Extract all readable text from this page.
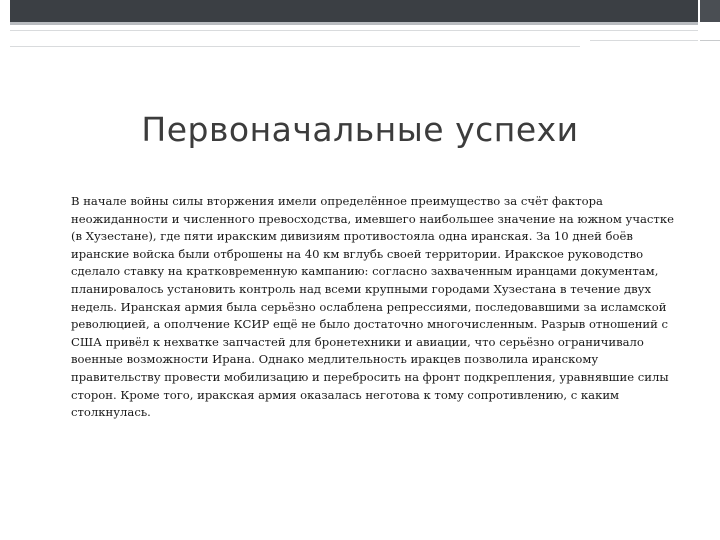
Первоначальные успехи
В начале войны силы вторжения имели определённое преимущество за счёт фактора неожиданности и численного превосходства, имевшего наибольшее значение на южном участке (в Хузестане), где пяти иракским дивизиям противостояла одна иранская. За 10 дней боёв иранские войска были отброшены на 40 км вглубь своей территории. Иракское руководство сделало ставку на кратковременную кампанию: согласно захваченным иранцами документам, планировалось установить контроль над всеми крупными городами Хузестана в течение двух недель. Иранская армия была серьёзно ослаблена репрессиями, последовавшими за исламской революцией, а ополчение КСИР ещё не было достаточно многочисленным. Разрыв отношений с США привёл к нехватке запчастей для бронетехники и авиации, что серьёзно ограничивало военные возможности Ирана. Однако медлительность иракцев позволила иранскому правительству провести мобилизацию и перебросить на фронт подкрепления, уравнявшие силы сторон. Кроме того, иракская армия оказалась неготова к тому сопротивлению, с каким столкнулась.
